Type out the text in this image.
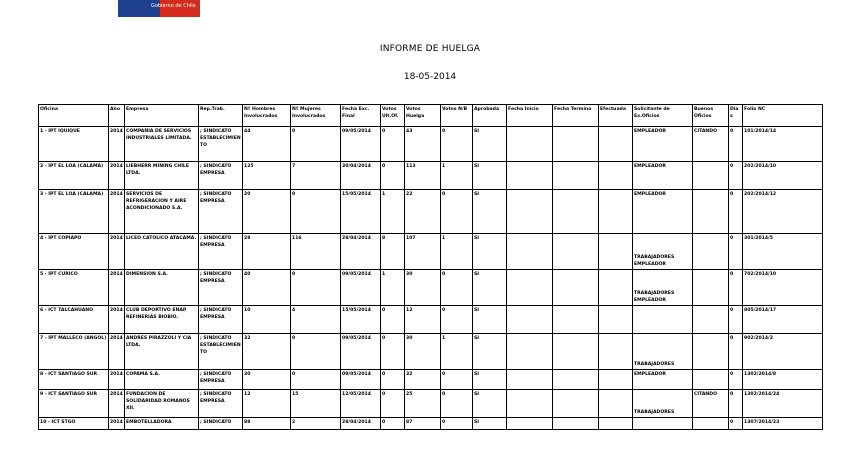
Gobierno de Chile
INFORME DE HUELGA
18-05-2014
Oficina	Año	Empresa	Rep.Trab.	Nº Hombres Involucrados	Nº Mujeres Involucrados	Fecha Exc. Final	Votos Ult.Of.	Votos Huelga	Votos N/B	Aprobada	Fecha Inicio	Fecha Termino	Efectuada	Solicitante de Ex.Oficios	Buenos Oficios	Dias	Folio NC
1 - IPT IQUIQUE	2014	COMPAÑIA DE SERVICIOS INDUSTRIALES LIMITADA.	; SINDICATO ESTABLECIMIENTO	44	0	09/05/2014	0	43	0	SI				EMPLEADOR	CITANDO	0	101/2014/14
2 - IPT EL LOA (CALAMA)	2014	LIEBHERR MINING CHILE LTDA.	; SINDICATO EMPRESA	125	7	30/04/2014	0	113	1	SI				EMPLEADOR		0	202/2014/10
3 - IPT EL LOA (CALAMA)	2014	SERVICIOS DE REFRIGERACION Y AIRE ACONDICIONADO S.A.	; SINDICATO EMPRESA	20	0	15/05/2014	1	22	0	SI				EMPLEADOR		0	202/2014/12
4 - IPT COPIAPO	2014	LICEO CATOLICO ATACAMA.	; SINDICATO EMPRESA	28	116	28/04/2014	8	107	1	SI				TRABAJADORES EMPLEADOR		0	301/2014/5
5 - IPT CURICO	2014	DIMENSION S.A.	; SINDICATO EMPRESA	40	0	09/05/2014	1	30	0	SI				TRABAJADORES EMPLEADOR		0	702/2014/10
6 - ICT TALCAHUANO	2014	CLUB DEPORTIVO ENAP REFINERIAS BIOBIO.	; SINDICATO EMPRESA	10	4	15/05/2014	0	12	0	SI						0	805/2014/17
7 - IPT MALLECO (ANGOL)	2014	ANDRES PIRAZZOLI Y CIA LTDA.	; SINDICATO ESTABLECIMIENTO	32	0	09/05/2014	0	30	1	SI				TRABAJADORES		0	902/2014/2
8 - ICT SANTIAGO SUR	2014	COPAMA S.A.	; SINDICATO EMPRESA	30	0	09/05/2014	0	32	0	SI				EMPLEADOR		0	1302/2014/8
9 - ICT SANTIAGO SUR	2014	FUNDACION DE SOLIDARIDAD ROMANOS XII.	; SINDICATO EMPRESA	12	15	12/05/2014	0	25	0	SI				TRABAJADORES	CITANDO	0	1302/2014/24
10 - ICT STGO	2014	EMBOTELLADORA	; SINDICATO	88	2	28/04/2014	0	87	0	SI						0	1307/2014/23
